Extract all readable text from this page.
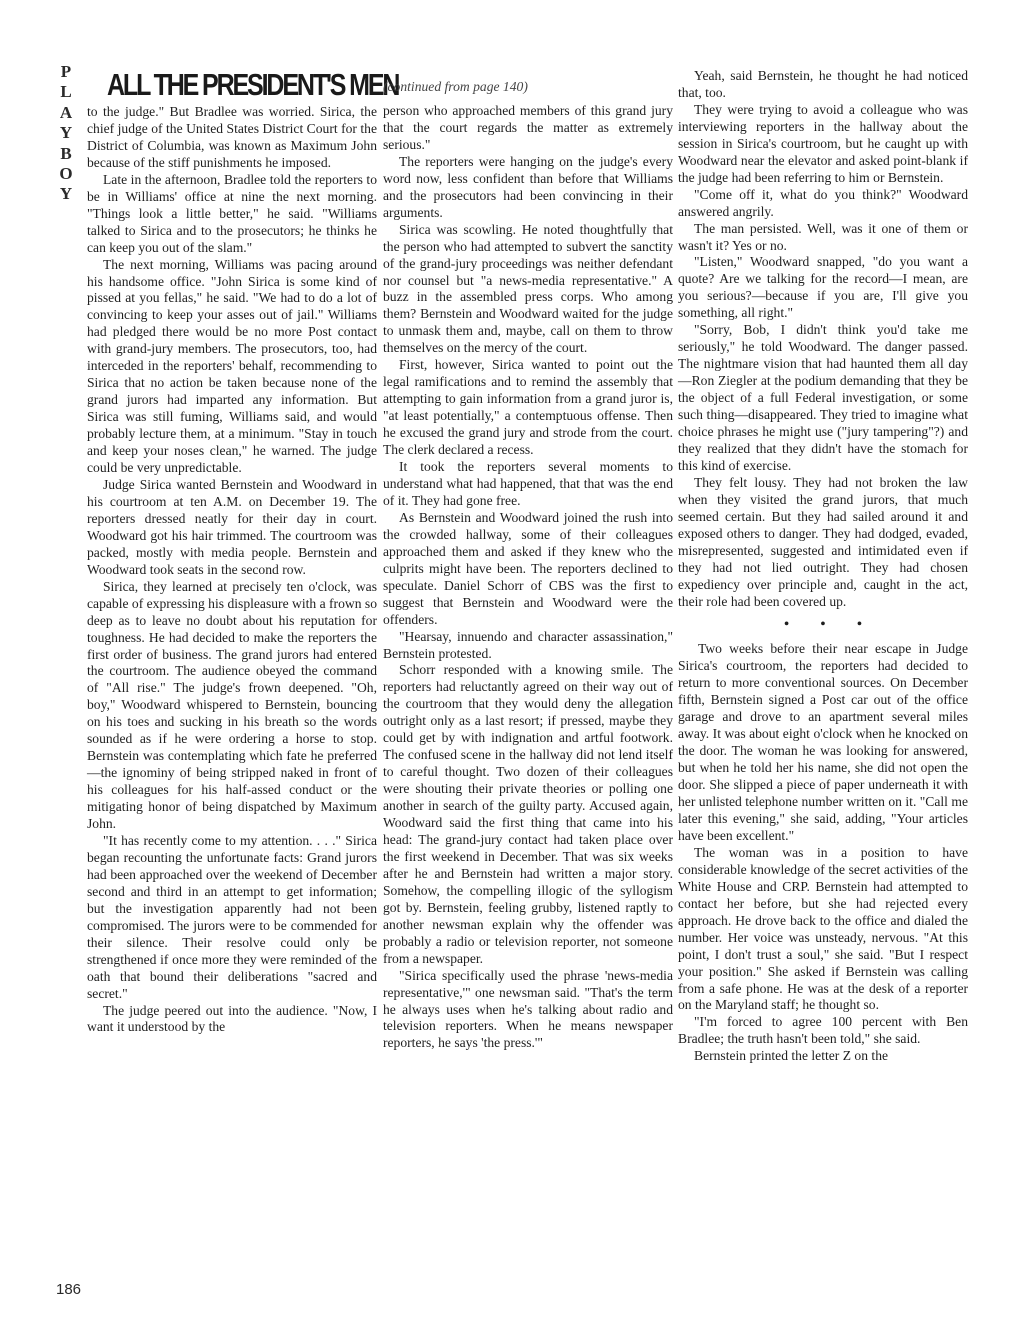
P
L
A
Y
B
O
Y
ALL THE PRESIDENT'S MEN

to the judge." But Bradlee was worried. Sirica, the chief judge of the United States District Court for the District of Columbia, was known as Maximum John because of the stiff punishments he imposed.

Late in the afternoon, Bradlee told the reporters to be in Williams' office at nine the next morning. "Things look a little better," he said. "Williams talked to Sirica and to the prosecutors; he thinks he can keep you out of the slam."

The next morning, Williams was pacing around his handsome office. "John Sirica is some kind of pissed at you fellas," he said. "We had to do a lot of convincing to keep your asses out of jail." Williams had pledged there would be no more Post contact with grand-jury members. The prosecutors, too, had interceded in the reporters' behalf, recommending to Sirica that no action be taken because none of the grand jurors had imparted any information. But Sirica was still fuming, Williams said, and would probably lecture them, at a minimum. "Stay in touch and keep your noses clean," he warned. The judge could be very unpredictable.

Judge Sirica wanted Bernstein and Woodward in his courtroom at ten A.M. on December 19. The reporters dressed neatly for their day in court. Woodward got his hair trimmed. The courtroom was packed, mostly with media people. Bernstein and Woodward took seats in the second row.

Sirica, they learned at precisely ten o'clock, was capable of expressing his displeasure with a frown so deep as to leave no doubt about his reputation for toughness. He had decided to make the reporters the first order of business. The grand jurors had entered the courtroom. The audience obeyed the command of "All rise." The judge's frown deepened. "Oh, boy," Woodward whispered to Bernstein, bouncing on his toes and sucking in his breath so the words sounded as if he were ordering a horse to stop. Bernstein was contemplating which fate he preferred—the ignominy of being stripped naked in front of his colleagues for his half-assed conduct or the mitigating honor of being dispatched by Maximum John.

"It has recently come to my attention. . . ." Sirica began recounting the unfortunate facts: Grand jurors had been approached over the weekend of December second and third in an attempt to get information; but the investigation apparently had not been compromised. The jurors were to be commended for their silence. Their resolve could only be strengthened if once more they were reminded of the oath that bound their deliberations "sacred and secret."

The judge peered out into the audience. "Now, I want it understood by the

(continued from page 140)

person who approached members of this grand jury that the court regards the matter as extremely serious."

The reporters were hanging on the judge's every word now, less confident than before that Williams and the prosecutors had been convincing in their arguments.

Sirica was scowling. He noted thoughtfully that the person who had attempted to subvert the sanctity of the grand-jury proceedings was neither defendant nor counsel but "a news-media representative." A buzz in the assembled press corps. Who among them? Bernstein and Woodward waited for the judge to unmask them and, maybe, call on them to throw themselves on the mercy of the court.

First, however, Sirica wanted to point out the legal ramifications and to remind the assembly that attempting to gain information from a grand juror is, "at least potentially," a contemptuous offense. Then he excused the grand jury and strode from the court. The clerk declared a recess.

It took the reporters several moments to understand what had happened, that that was the end of it. They had gone free.

As Bernstein and Woodward joined the rush into the crowded hallway, some of their colleagues approached them and asked if they knew who the culprits might have been. The reporters declined to speculate. Daniel Schorr of CBS was the first to suggest that Bernstein and Woodward were the offenders.

"Hearsay, innuendo and character assassination," Bernstein protested.

Schorr responded with a knowing smile. The reporters had reluctantly agreed on their way out of the courtroom that they would deny the allegation outright only as a last resort; if pressed, maybe they could get by with indignation and artful footwork. The confused scene in the hallway did not lend itself to careful thought. Two dozen of their colleagues were shouting their private theories or polling one another in search of the guilty party. Accused again, Woodward said the first thing that came into his head: The grand-jury contact had taken place over the first weekend in December. That was six weeks after he and Bernstein had written a major story. Somehow, the compelling illogic of the syllogism got by. Bernstein, feeling grubby, listened raptly to another newsman explain why the offender was probably a radio or television reporter, not someone from a newspaper.

"Sirica specifically used the phrase 'news-media representative,'" one newsman said. "That's the term he always uses when he's talking about radio and television reporters. When he means newspaper reporters, he says 'the press.'"

Yeah, said Bernstein, he thought he had noticed that, too.

They were trying to avoid a colleague who was interviewing reporters in the hallway about the session in Sirica's courtroom, but he caught up with Woodward near the elevator and asked point-blank if the judge had been referring to him or Bernstein.

"Come off it, what do you think?" Woodward answered angrily.

The man persisted. Well, was it one of them or wasn't it? Yes or no.

"Listen," Woodward snapped, "do you want a quote? Are we talking for the record—I mean, are you serious?—because if you are, I'll give you something, all right."

"Sorry, Bob, I didn't think you'd take me seriously," he told Woodward. The danger passed. The nightmare vision that had haunted them all day—Ron Ziegler at the podium demanding that they be the object of a full Federal investigation, or some such thing—disappeared. They tried to imagine what choice phrases he might use ("jury tampering"?) and they realized that they didn't have the stomach for this kind of exercise.

They felt lousy. They had not broken the law when they visited the grand jurors, that much seemed certain. But they had sailed around it and exposed others to danger. They had dodged, evaded, misrepresented, suggested and intimidated even if they had not lied outright. They had chosen expediency over principle and, caught in the act, their role had been covered up.

• • •

Two weeks before their near escape in Judge Sirica's courtroom, the reporters had decided to return to more conventional sources. On December fifth, Bernstein signed a Post car out of the office garage and drove to an apartment several miles away. It was about eight o'clock when he knocked on the door. The woman he was looking for answered, but when he told her his name, she did not open the door. She slipped a piece of paper underneath it with her unlisted telephone number written on it. "Call me later this evening," she said, adding, "Your articles have been excellent."

The woman was in a position to have considerable knowledge of the secret activities of the White House and CRP. Bernstein had attempted to contact her before, but she had rejected every approach. He drove back to the office and dialed the number. Her voice was unsteady, nervous. "At this point, I don't trust a soul," she said. "But I respect your position." She asked if Bernstein was calling from a safe phone. He was at the desk of a reporter on the Maryland staff; he thought so.

"I'm forced to agree 100 percent with Ben Bradlee; the truth hasn't been told," she said.

Bernstein printed the letter Z on the

186
